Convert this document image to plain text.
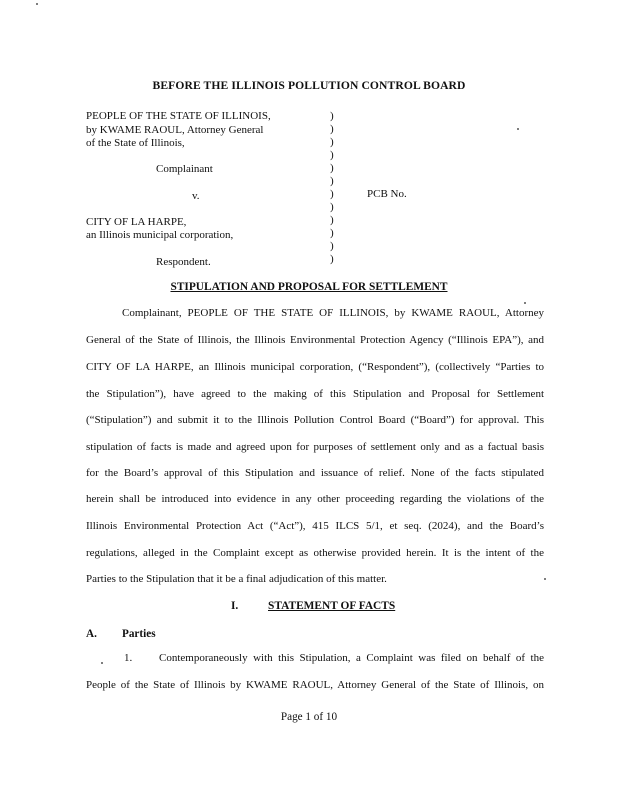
BEFORE THE ILLINOIS POLLUTION CONTROL BOARD
PEOPLE OF THE STATE OF ILLINOIS,
by KWAME RAOUL, Attorney General
of the State of Illinois,
Complainant
v.
CITY OF LA HARPE,
an Illinois municipal corporation,
Respondent.
)
)
)
)
)
)
)
)
)
)
)
)
PCB No.
STIPULATION AND PROPOSAL FOR SETTLEMENT
Complainant, PEOPLE OF THE STATE OF ILLINOIS, by KWAME RAOUL, Attorney
General of the State of Illinois, the Illinois Environmental Protection Agency (“Illinois EPA”), and
CITY OF LA HARPE, an Illinois municipal corporation, (“Respondent”), (collectively “Parties to
the Stipulation”), have agreed to the making of this Stipulation and Proposal for Settlement
(“Stipulation”) and submit it to the Illinois Pollution Control Board (“Board”) for approval. This
stipulation of facts is made and agreed upon for purposes of settlement only and as a factual basis
for the Board’s approval of this Stipulation and issuance of relief. None of the facts stipulated
herein shall be introduced into evidence in any other proceeding regarding the violations of the
Illinois Environmental Protection Act (“Act”), 415 ILCS 5/1, et seq. (2024), and the Board’s
regulations, alleged in the Complaint except as otherwise provided herein. It is the intent of the
Parties to the Stipulation that it be a final adjudication of this matter.
I.	STATEMENT OF FACTS
A. Parties
1. Contemporaneously with this Stipulation, a Complaint was filed on behalf of the
People of the State of Illinois by KWAME RAOUL, Attorney General of the State of Illinois, on
Page 1 of 10
